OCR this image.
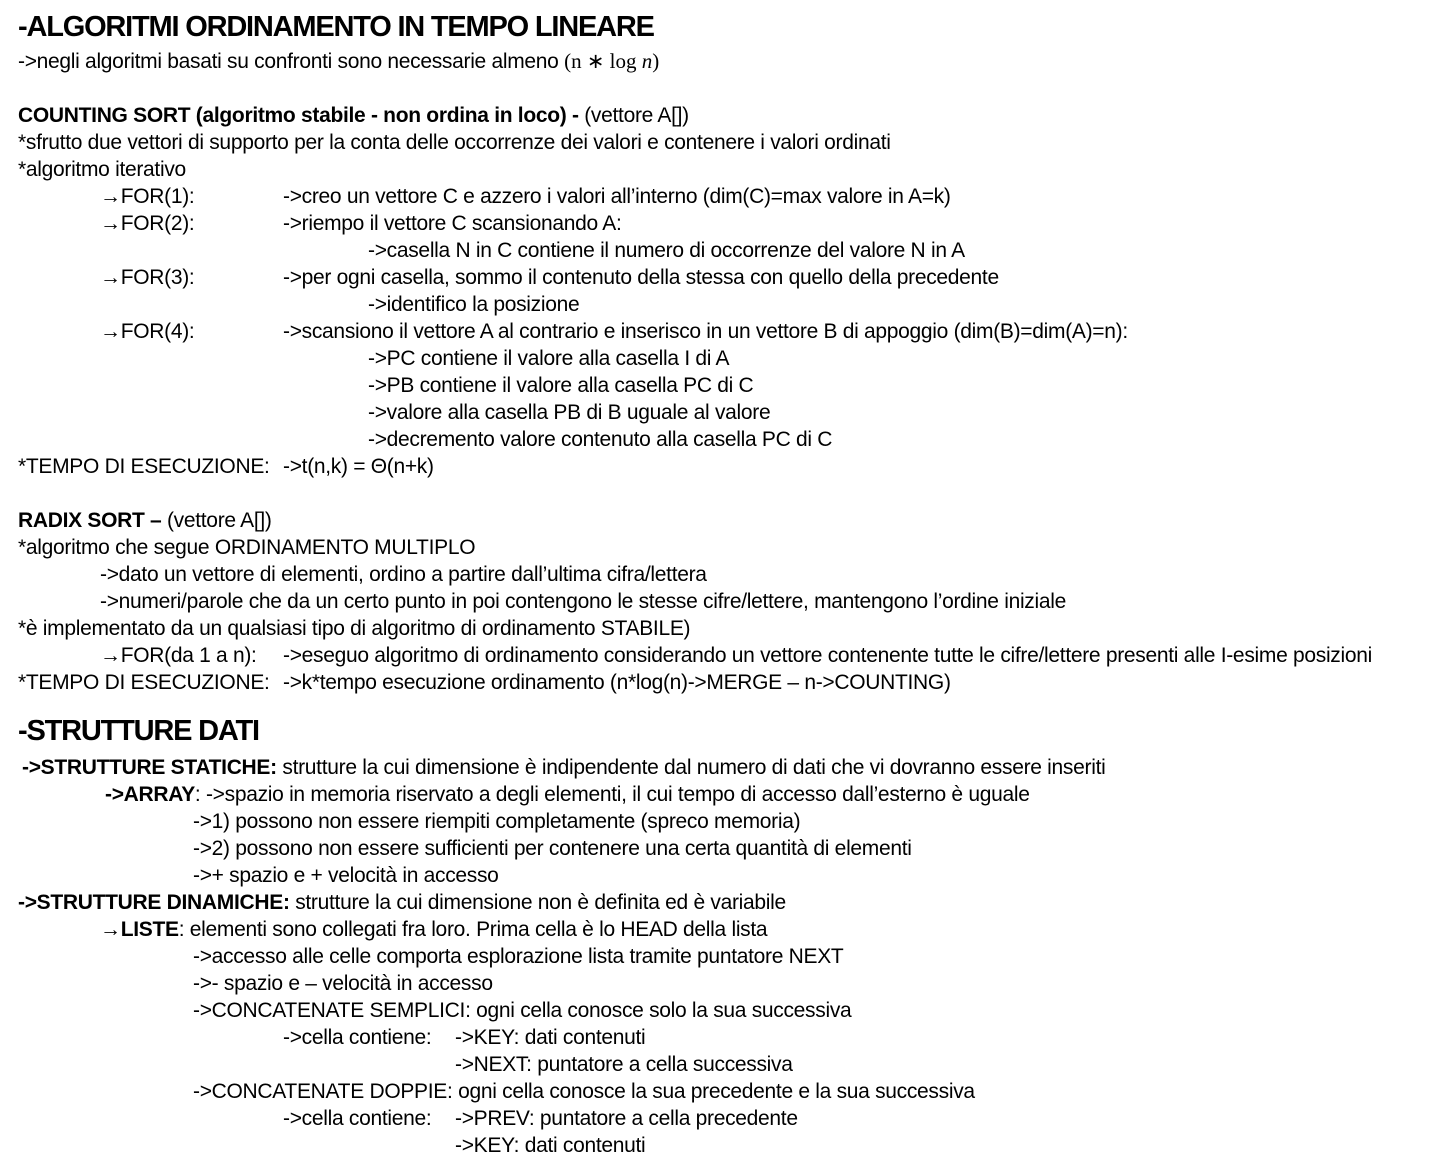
-ALGORITMI ORDINAMENTO IN TEMPO LINEARE
->negli algoritmi basati su confronti sono necessarie almeno (n ∗ log n)
COUNTING SORT (algoritmo stabile - non ordina in loco) - (vettore A[])
*sfrutto due vettori di supporto per la conta delle occorrenze dei valori e contenere i valori ordinati
*algoritmo iterativo
→FOR(1):	->creo un vettore C e azzero i valori all’interno (dim(C)=max valore in A=k)
→FOR(2):	->riempo il vettore C scansionando A:
->casella N in C contiene il numero di occorrenze del valore N in A
→FOR(3):	->per ogni casella, sommo il contenuto della stessa con quello della precedente
->identifico la posizione
→FOR(4):	->scansiono il vettore A al contrario e inserisco in un vettore B di appoggio (dim(B)=dim(A)=n):
->PC contiene il valore alla casella I di A
->PB contiene il valore alla casella PC di C
->valore alla casella PB di B uguale al valore
->decremento valore contenuto alla casella PC di C
*TEMPO DI ESECUZIONE: ->t(n,k) = Θ(n+k)
RADIX SORT – (vettore A[])
*algoritmo che segue ORDINAMENTO MULTIPLO
->dato un vettore di elementi, ordino a partire dall’ultima cifra/lettera
->numeri/parole che da un certo punto in poi contengono le stesse cifre/lettere, mantengono l’ordine iniziale
*è implementato da un qualsiasi tipo di algoritmo di ordinamento STABILE)
→FOR(da 1 a n): ->eseguo algoritmo di ordinamento considerando un vettore contenente tutte le cifre/lettere presenti alle I-esime posizioni
*TEMPO DI ESECUZIONE: ->k*tempo esecuzione ordinamento (n*log(n)->MERGE – n->COUNTING)
-STRUTTURE DATI
->STRUTTURE STATICHE: strutture la cui dimensione è indipendente dal numero di dati che vi dovranno essere inseriti
->ARRAY: ->spazio in memoria riservato a degli elementi, il cui tempo di accesso dall’esterno è uguale
->1) possono non essere riempiti completamente (spreco memoria)
->2) possono non essere sufficienti per contenere una certa quantità di elementi
->+ spazio e + velocità in accesso
->STRUTTURE DINAMICHE: strutture la cui dimensione non è definita ed è variabile
→LISTE: elementi sono collegati fra loro. Prima cella è lo HEAD della lista
->accesso alle celle comporta esplorazione lista tramite puntatore NEXT
->- spazio e – velocità in accesso
->CONCATENATE SEMPLICI: ogni cella conosce solo la sua successiva
->cella contiene: ->KEY: dati contenuti
->NEXT: puntatore a cella successiva
->CONCATENATE DOPPIE: ogni cella conosce la sua precedente e la sua successiva
->cella contiene: ->PREV: puntatore a cella precedente
->KEY: dati contenuti
